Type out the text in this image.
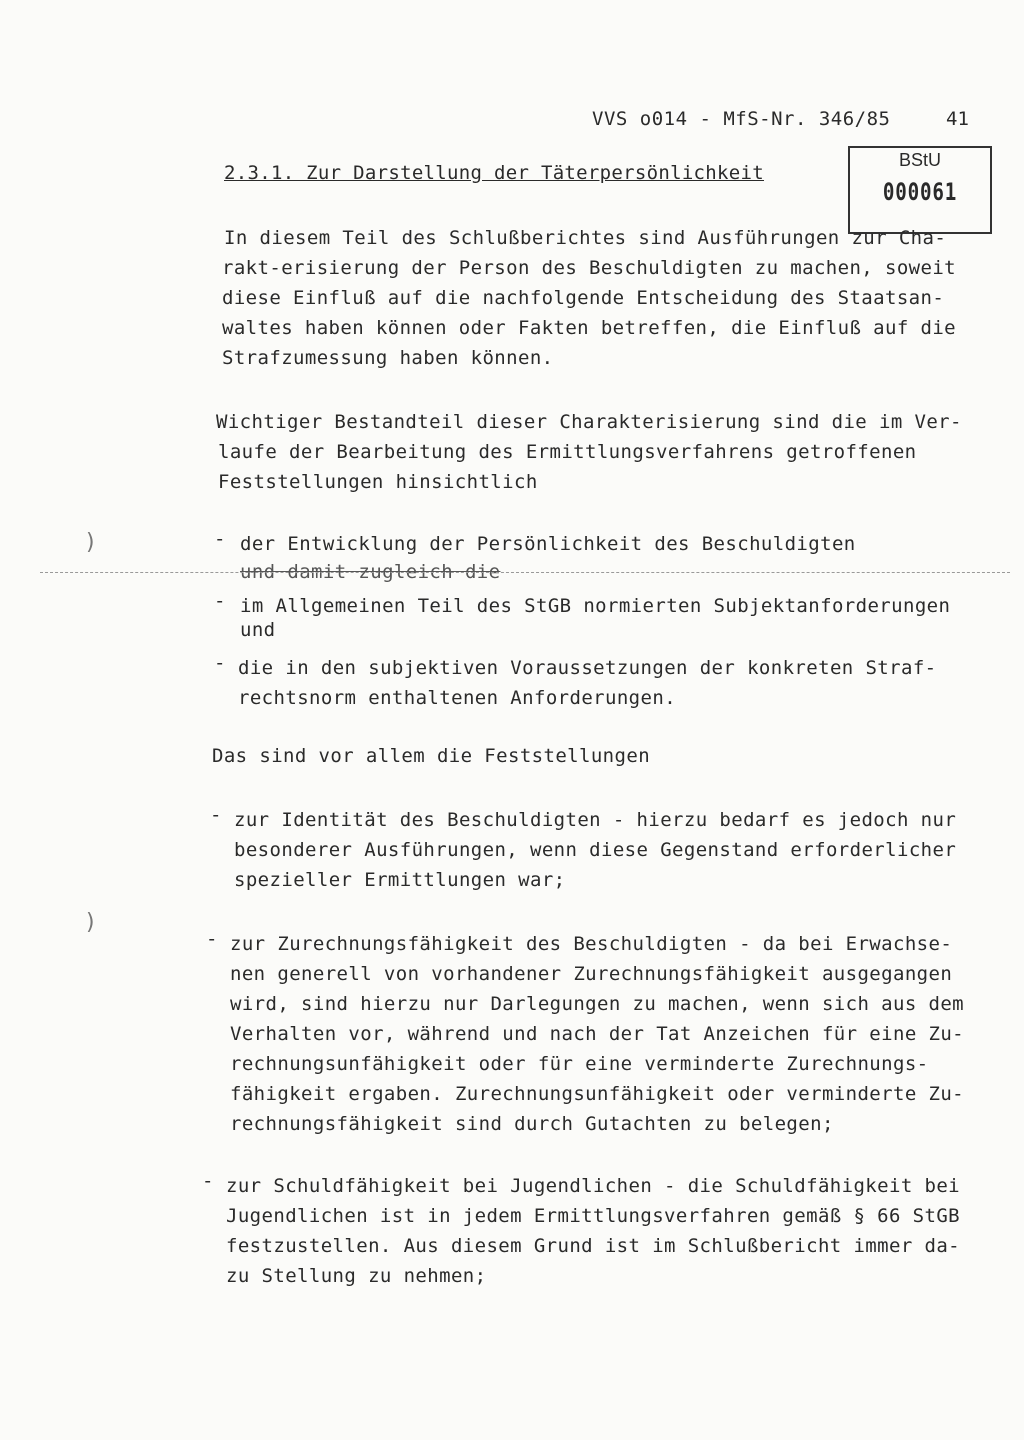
VVS o014 - MfS-Nr. 346/85	41
BStU
000061
2.3.1. Zur Darstellung der Täterpersönlichkeit
In diesem Teil des Schlußberichtes sind Ausführungen zur Cha-
rakt-erisierung der Person des Beschuldigten zu machen, soweit
diese Einfluß auf die nachfolgende Entscheidung des Staatsan-
waltes haben können oder Fakten betreffen, die Einfluß auf die
Strafzumessung haben können.
Wichtiger Bestandteil dieser Charakterisierung sind die im Ver-
laufe der Bearbeitung des Ermittlungsverfahrens getroffenen
Feststellungen hinsichtlich
)
)
- der Entwicklung der Persönlichkeit des Beschuldigten
und damit zugleich die
- im Allgemeinen Teil des StGB normierten Subjektanforderungen
und
- die in den subjektiven Voraussetzungen der konkreten Straf-
rechtsnorm enthaltenen Anforderungen.
Das sind vor allem die Feststellungen
- zur Identität des Beschuldigten - hierzu bedarf es jedoch nur
besonderer Ausführungen, wenn diese Gegenstand erforderlicher
spezieller Ermittlungen war;
- zur Zurechnungsfähigkeit des Beschuldigten - da bei Erwachse-
nen generell von vorhandener Zurechnungsfähigkeit ausgegangen
wird, sind hierzu nur Darlegungen zu machen, wenn sich aus dem
Verhalten vor, während und nach der Tat Anzeichen für eine Zu-
rechnungsunfähigkeit oder für eine verminderte Zurechnungs-
fähigkeit ergaben. Zurechnungsunfähigkeit oder verminderte Zu-
rechnungsfähigkeit sind durch Gutachten zu belegen;
- zur Schuldfähigkeit bei Jugendlichen - die Schuldfähigkeit bei
Jugendlichen ist in jedem Ermittlungsverfahren gemäß § 66 StGB
festzustellen. Aus diesem Grund ist im Schlußbericht immer da-
zu Stellung zu nehmen;
